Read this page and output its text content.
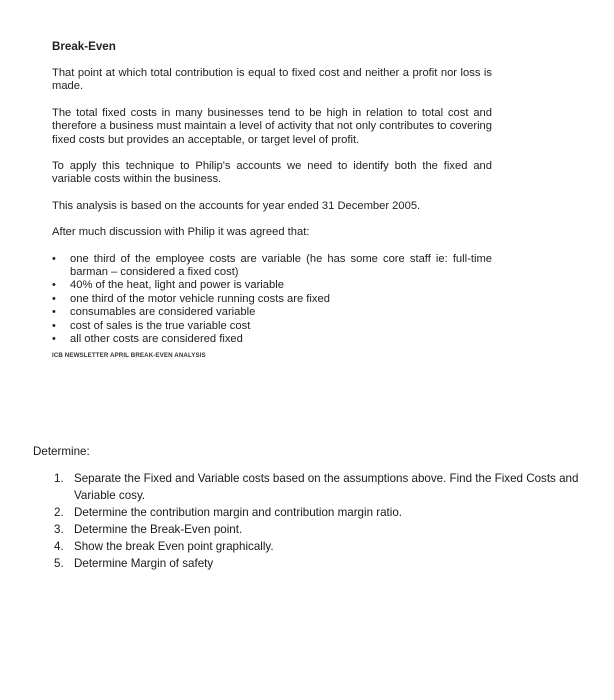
Break-Even

That point at which total contribution is equal to fixed cost and neither a profit nor loss is made.

The total fixed costs in many businesses tend to be high in relation to total cost and therefore a business must maintain a level of activity that not only contributes to covering fixed costs but provides an acceptable, or target level of profit.

To apply this technique to Philip's accounts we need to identify both the fixed and variable costs within the business.

This analysis is based on the accounts for year ended 31 December 2005.

After much discussion with Philip it was agreed that:

• one third of the employee costs are variable (he has some core staff ie: full-time barman – considered a fixed cost)
• 40% of the heat, light and power is variable
• one third of the motor vehicle running costs are fixed
• consumables are considered variable
• cost of sales is the true variable cost
• all other costs are considered fixed
ICB NEWSLETTER APRIL BREAK-EVEN ANALYSIS
Determine:
1. Separate the Fixed and Variable costs based on the assumptions above. Find the Fixed Costs and Variable cosy.
2. Determine the contribution margin and contribution margin ratio.
3. Determine the Break-Even point.
4. Show the break Even point graphically.
5. Determine Margin of safety
